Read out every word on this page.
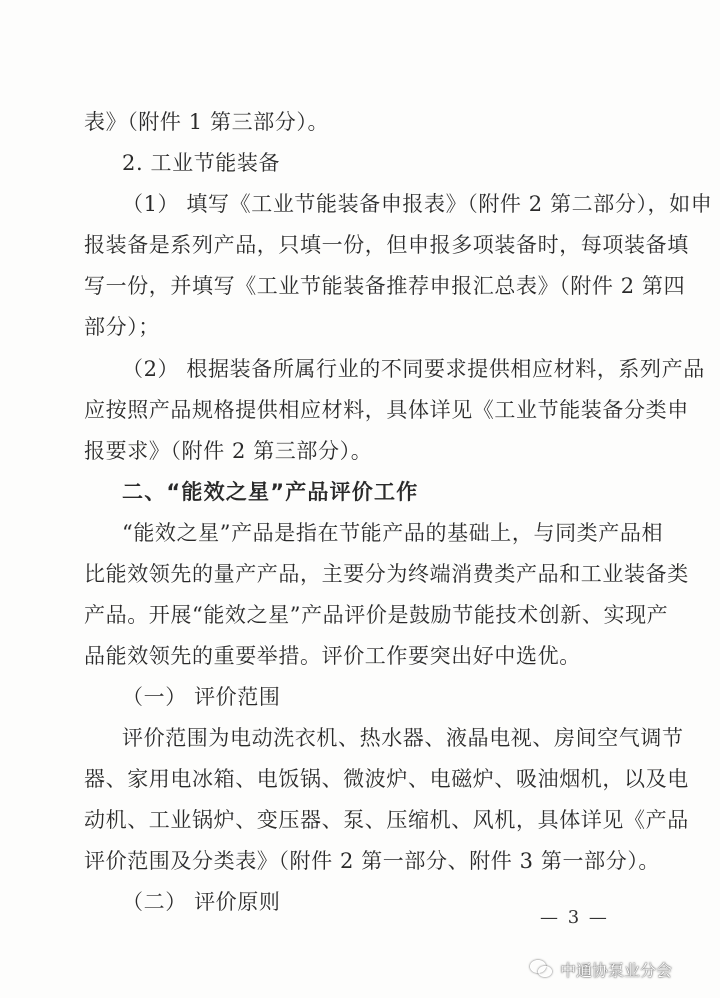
表》（附件 1 第三部分）。
2. 工业节能装备
（1） 填写《工业节能装备申报表》（附件 2 第二部分），如申
报装备是系列产品，只填一份，但申报多项装备时，每项装备填
写一份，并填写《工业节能装备推荐申报汇总表》（附件 2 第四
部分）；
（2） 根据装备所属行业的不同要求提供相应材料，系列产品
应按照产品规格提供相应材料，具体详见《工业节能装备分类申
报要求》（附件 2 第三部分）。
二、“能效之星”产品评价工作
“能效之星”产品是指在节能产品的基础上，与同类产品相
比能效领先的量产产品，主要分为终端消费类产品和工业装备类
产品。开展“能效之星”产品评价是鼓励节能技术创新、实现产
品能效领先的重要举措。评价工作要突出好中选优。
（一） 评价范围
评价范围为电动洗衣机、热水器、液晶电视、房间空气调节
器、家用电冰箱、电饭锅、微波炉、电磁炉、吸油烟机，以及电
动机、工业锅炉、变压器、泵、压缩机、风机，具体详见《产品
评价范围及分类表》（附件 2 第一部分、附件 3 第一部分）。
（二） 评价原则
— 3 —
中通协泵业分会
